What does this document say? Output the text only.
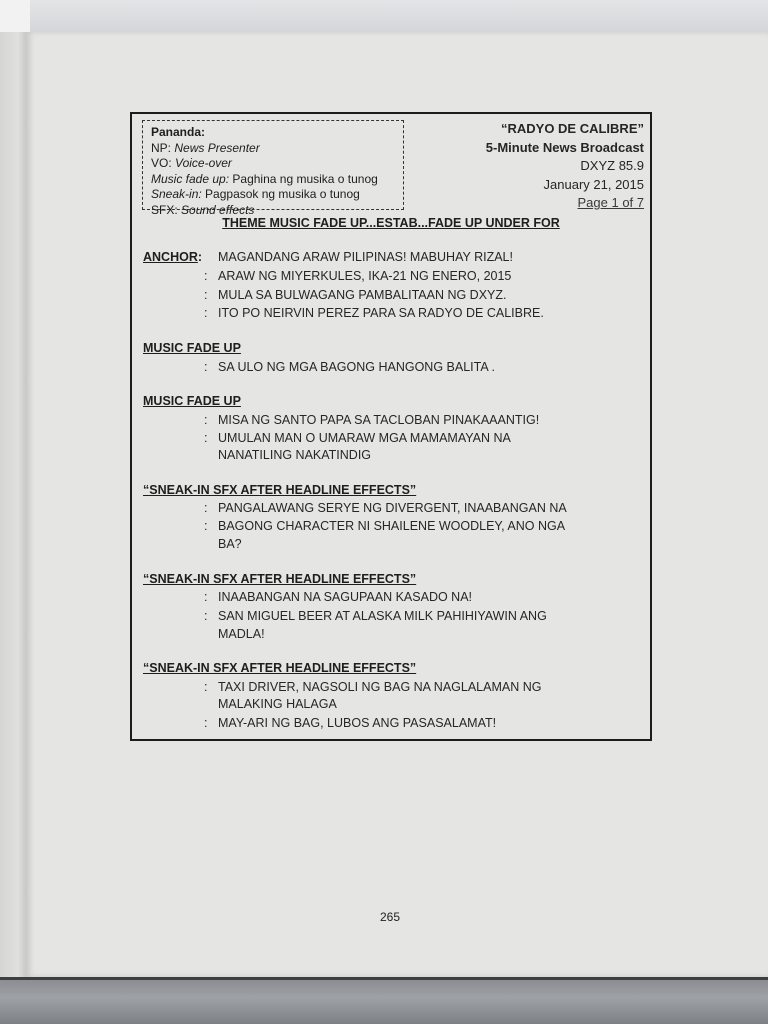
Pananda:
NP: News Presenter
VO: Voice-over
Music fade up: Paghina ng musika o tunog
Sneak-in: Pagpasok ng musika o tunog
SFX: Sound effects
“RADYO DE CALIBRE”
5-Minute News Broadcast
DXYZ 85.9
January 21, 2015
Page 1 of 7
THEME MUSIC FADE UP...ESTAB...FADE UP UNDER FOR
ANCHOR: MAGANDANG ARAW PILIPINAS! MABUHAY RIZAL!
: ARAW NG MIYERKULES, IKA-21 NG ENERO, 2015
: MULA SA BULWAGANG PAMBALITAAN NG DXYZ.
: ITO PO NEIRVIN PEREZ PARA SA RADYO DE CALIBRE.
MUSIC FADE UP
: SA ULO NG MGA BAGONG HANGONG BALITA .
MUSIC FADE UP
: MISA NG SANTO PAPA SA TACLOBAN PINAKAAANTIG!
: UMULAN MAN O UMARAW MGA MAMAMAYAN NA
NANATILING NAKATINDIG
“SNEAK-IN SFX AFTER HEADLINE EFFECTS”
: PANGALAWANG SERYE NG DIVERGENT, INAABANGAN NA
: BAGONG CHARACTER NI SHAILENE WOODLEY, ANO NGA
BA?
“SNEAK-IN SFX AFTER HEADLINE EFFECTS”
: INAABANGAN NA SAGUPAAN KASADO NA!
: SAN MIGUEL BEER AT ALASKA MILK PAHIHIYAWIN ANG
MADLA!
“SNEAK-IN SFX AFTER HEADLINE EFFECTS”
: TAXI DRIVER, NAGSOLI NG BAG NA NAGLALAMAN NG
MALAKING HALAGA
: MAY-ARI NG BAG, LUBOS ANG PASASALAMAT!
265
